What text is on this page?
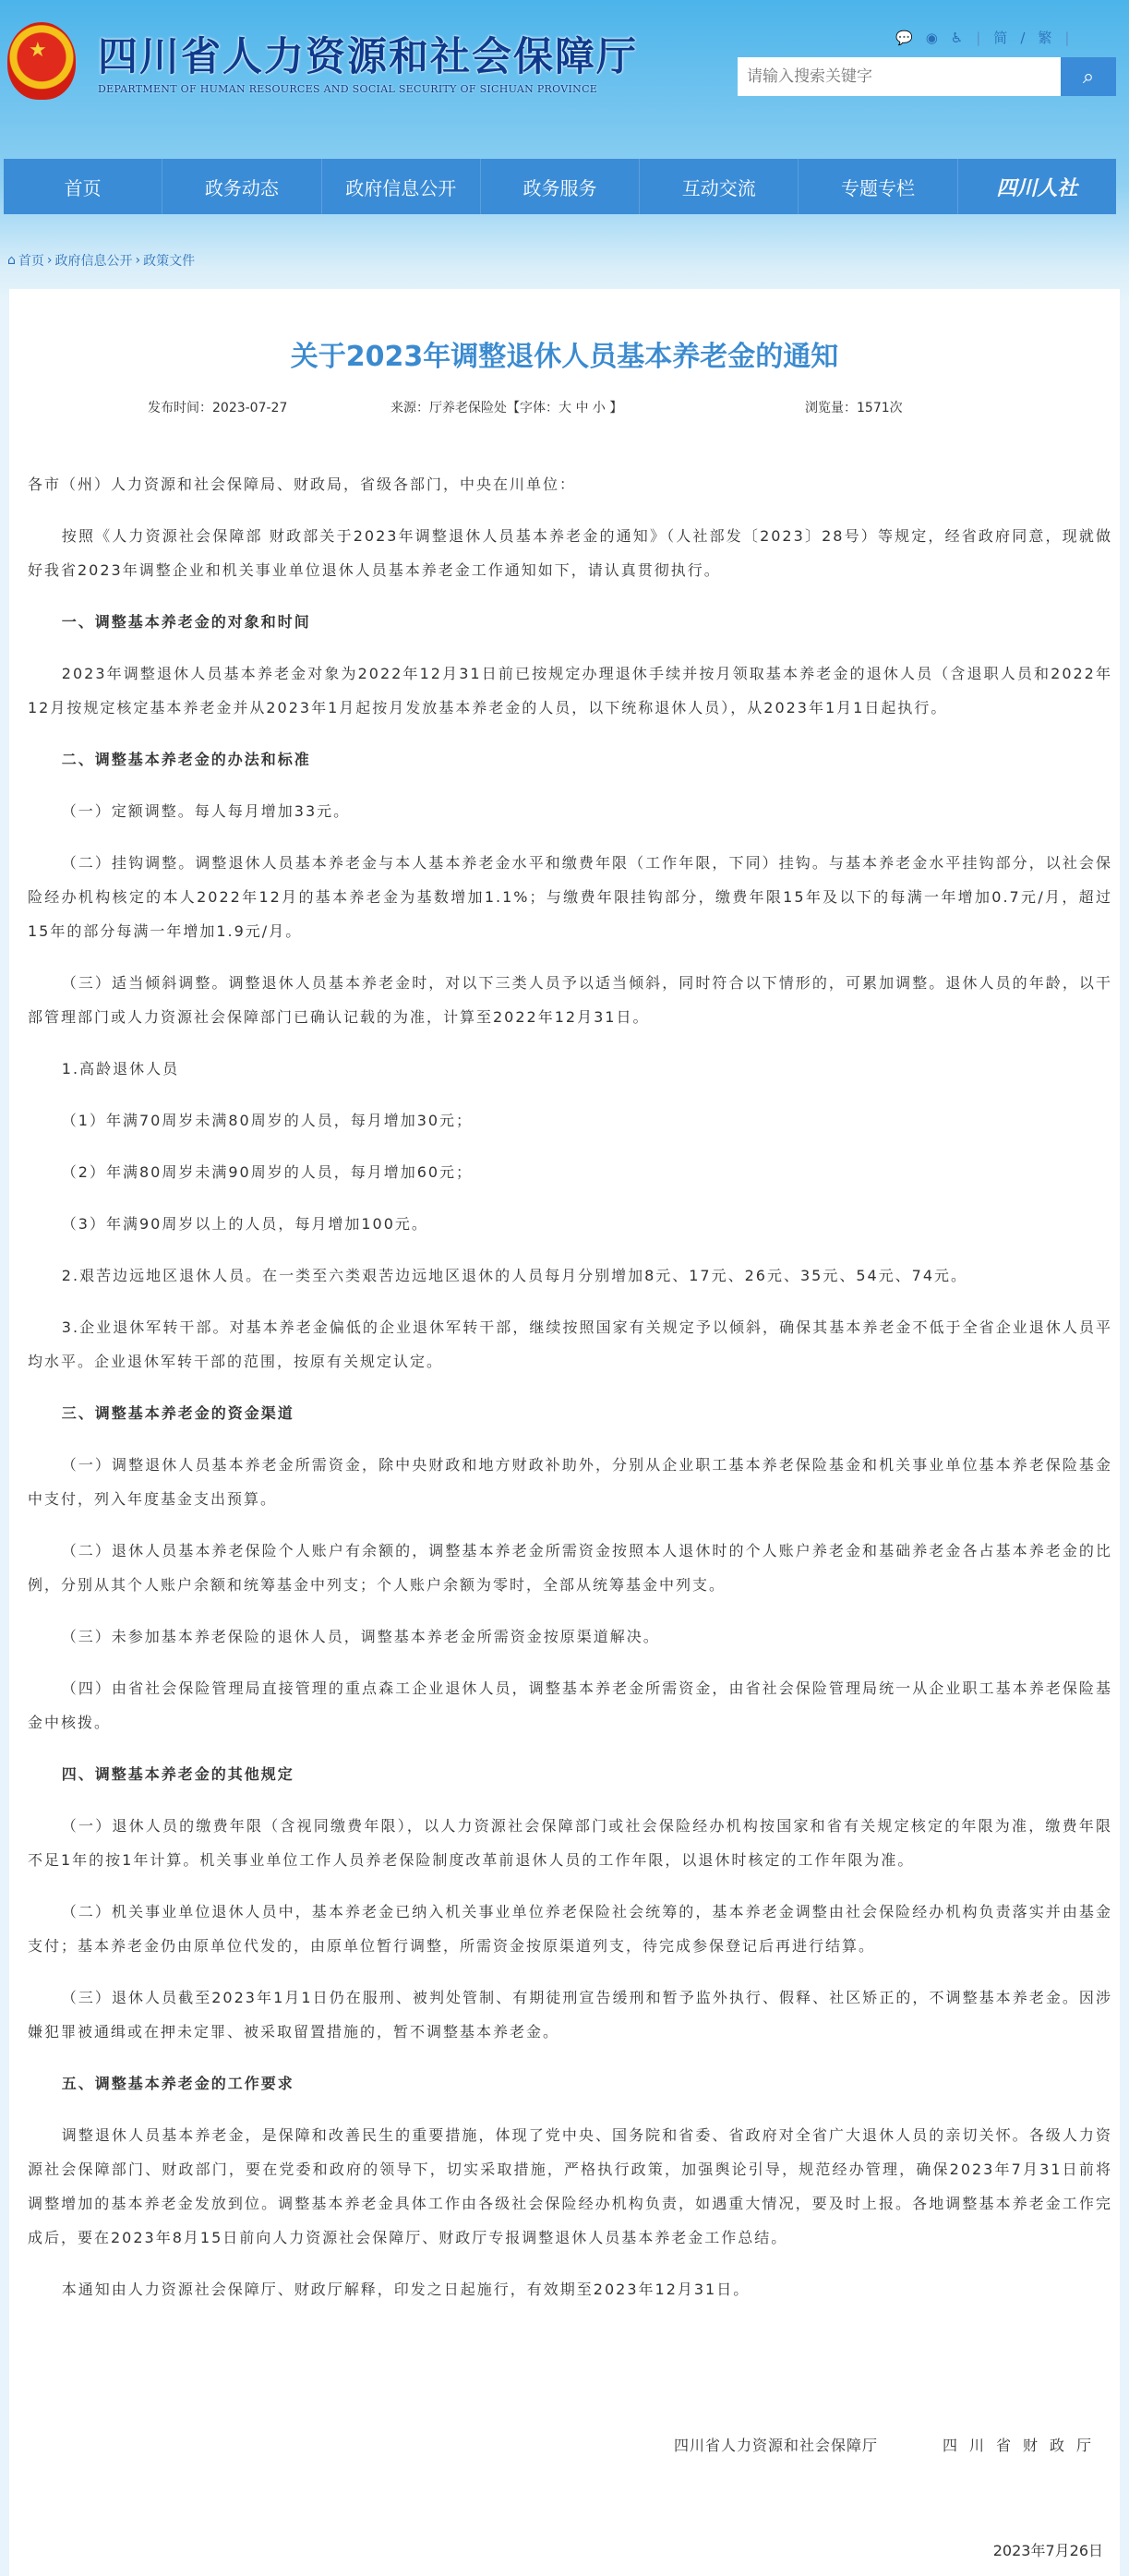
★ 四川省人力资源和社会保障厅
DEPARTMENT OF HUMAN RESOURCES AND SOCIAL SECURITY OF SICHUAN PROVINCE
💬 ◉ ♿ | 简 / 繁 |
请输入搜索关键字
⌕
首页	政务动态	政府信息公开	政务服务	互动交流	专题专栏	四川人社
⌂ 首页 › 政府信息公开 › 政策文件
关于2023年调整退休人员基本养老金的通知
发布时间：2023-07-27	来源：厅养老保险处【字体：大 中 小 】	浏览量：1571次

各市（州）人力资源和社会保障局、财政局，省级各部门，中央在川单位：

按照《人力资源社会保障部 财政部关于2023年调整退休人员基本养老金的通知》（人社部发〔2023〕28号）等规定，经省政府同意，现就做好我省2023年调整企业和机关事业单位退休人员基本养老金工作通知如下，请认真贯彻执行。

一、调整基本养老金的对象和时间

2023年调整退休人员基本养老金对象为2022年12月31日前已按规定办理退休手续并按月领取基本养老金的退休人员（含退职人员和2022年12月按规定核定基本养老金并从2023年1月起按月发放基本养老金的人员，以下统称退休人员），从2023年1月1日起执行。

二、调整基本养老金的办法和标准

（一）定额调整。每人每月增加33元。

（二）挂钩调整。调整退休人员基本养老金与本人基本养老金水平和缴费年限（工作年限，下同）挂钩。与基本养老金水平挂钩部分，以社会保险经办机构核定的本人2022年12月的基本养老金为基数增加1.1%；与缴费年限挂钩部分，缴费年限15年及以下的每满一年增加0.7元/月，超过15年的部分每满一年增加1.9元/月。

（三）适当倾斜调整。调整退休人员基本养老金时，对以下三类人员予以适当倾斜，同时符合以下情形的，可累加调整。退休人员的年龄，以干部管理部门或人力资源社会保障部门已确认记载的为准，计算至2022年12月31日。

1.高龄退休人员

（1）年满70周岁未满80周岁的人员，每月增加30元；

（2）年满80周岁未满90周岁的人员，每月增加60元；

（3）年满90周岁以上的人员，每月增加100元。

2.艰苦边远地区退休人员。在一类至六类艰苦边远地区退休的人员每月分别增加8元、17元、26元、35元、54元、74元。

3.企业退休军转干部。对基本养老金偏低的企业退休军转干部，继续按照国家有关规定予以倾斜，确保其基本养老金不低于全省企业退休人员平均水平。企业退休军转干部的范围，按原有关规定认定。

三、调整基本养老金的资金渠道

（一）调整退休人员基本养老金所需资金，除中央财政和地方财政补助外，分别从企业职工基本养老保险基金和机关事业单位基本养老保险基金中支付，列入年度基金支出预算。

（二）退休人员基本养老保险个人账户有余额的，调整基本养老金所需资金按照本人退休时的个人账户养老金和基础养老金各占基本养老金的比例，分别从其个人账户余额和统筹基金中列支；个人账户余额为零时，全部从统筹基金中列支。

（三）未参加基本养老保险的退休人员，调整基本养老金所需资金按原渠道解决。

（四）由省社会保险管理局直接管理的重点森工企业退休人员，调整基本养老金所需资金，由省社会保险管理局统一从企业职工基本养老保险基金中核拨。

四、调整基本养老金的其他规定

（一）退休人员的缴费年限（含视同缴费年限），以人力资源社会保障部门或社会保险经办机构按国家和省有关规定核定的年限为准，缴费年限不足1年的按1年计算。机关事业单位工作人员养老保险制度改革前退休人员的工作年限，以退休时核定的工作年限为准。

（二）机关事业单位退休人员中，基本养老金已纳入机关事业单位养老保险社会统筹的，基本养老金调整由社会保险经办机构负责落实并由基金支付；基本养老金仍由原单位代发的，由原单位暂行调整，所需资金按原渠道列支，待完成参保登记后再进行结算。

（三）退休人员截至2023年1月1日仍在服刑、被判处管制、有期徒刑宣告缓刑和暂予监外执行、假释、社区矫正的，不调整基本养老金。因涉嫌犯罪被通缉或在押未定罪、被采取留置措施的，暂不调整基本养老金。

五、调整基本养老金的工作要求

调整退休人员基本养老金，是保障和改善民生的重要措施，体现了党中央、国务院和省委、省政府对全省广大退休人员的亲切关怀。各级人力资源社会保障部门、财政部门，要在党委和政府的领导下，切实采取措施，严格执行政策，加强舆论引导，规范经办管理，确保2023年7月31日前将调整增加的基本养老金发放到位。调整基本养老金具体工作由各级社会保险经办机构负责，如遇重大情况，要及时上报。各地调整基本养老金工作完成后，要在2023年8月15日前向人力资源社会保障厅、财政厅专报调整退休人员基本养老金工作总结。

本通知由人力资源社会保障厅、财政厅解释，印发之日起施行，有效期至2023年12月31日。

四川省人力资源和社会保障厅	四川省财政厅
2023年7月26日
